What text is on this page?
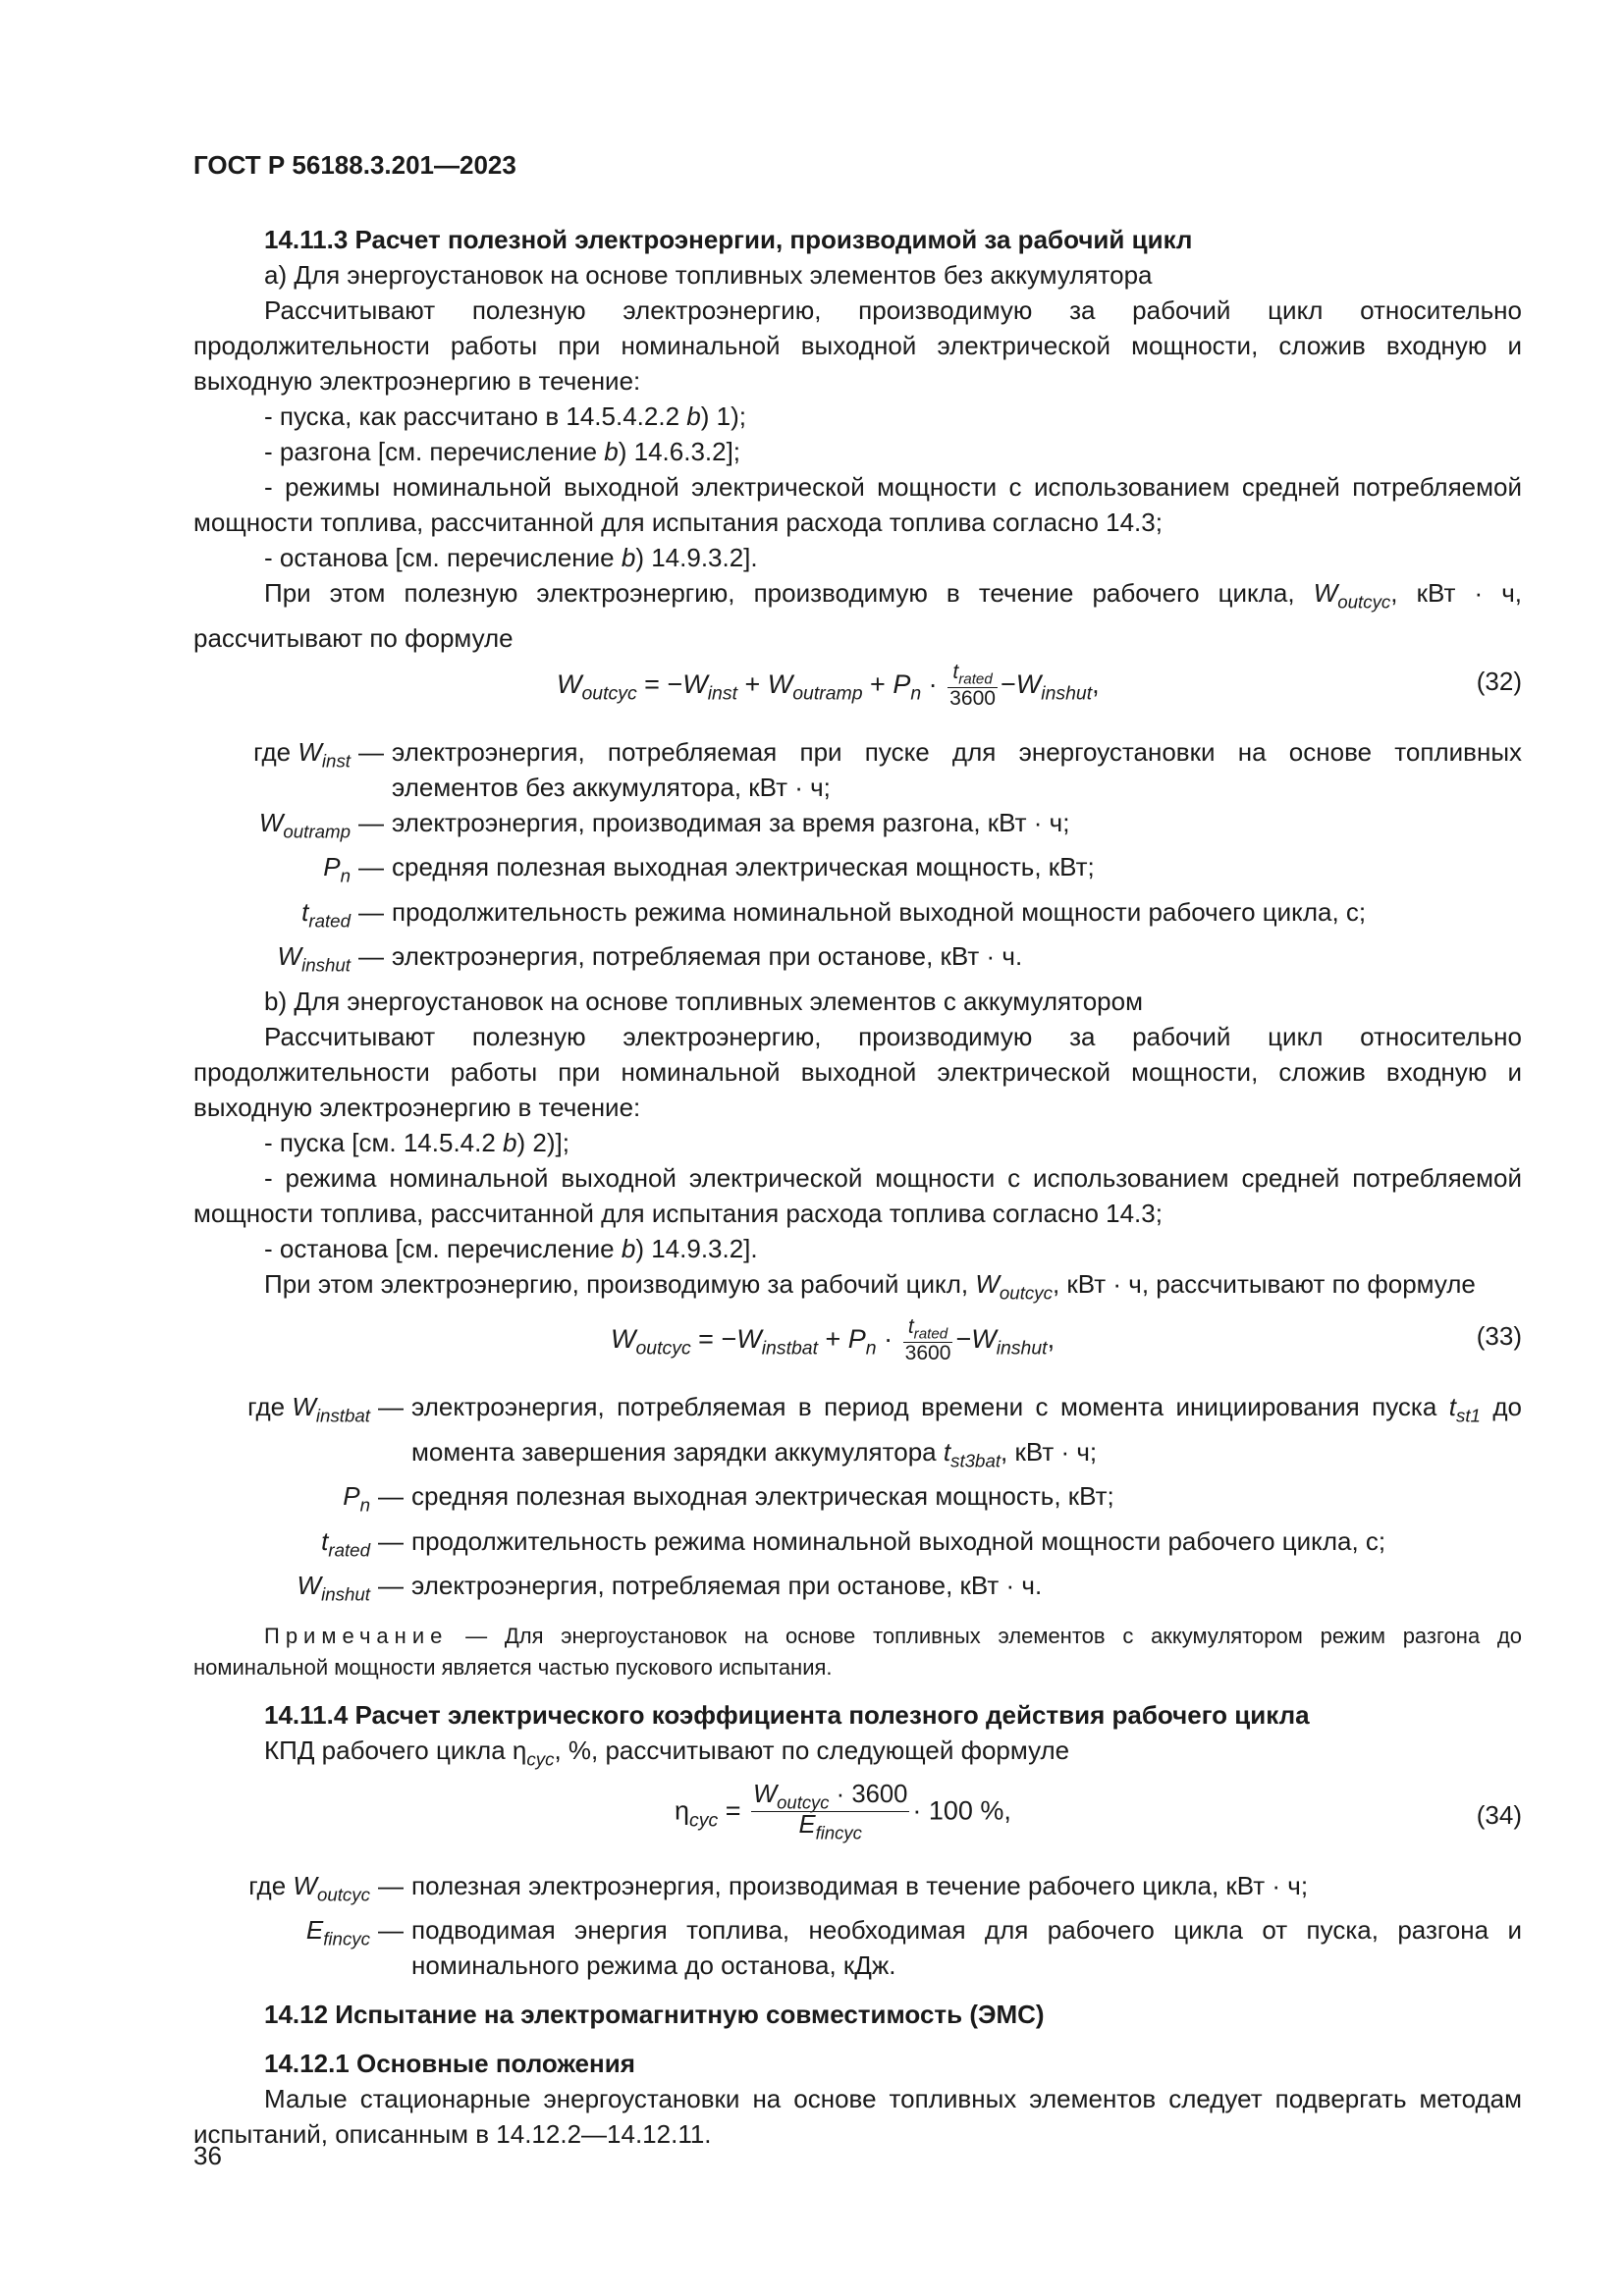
ГОСТ Р 56188.3.201—2023

14.11.3 Расчет полезной электроэнергии, производимой за рабочий цикл

a) Для энергоустановок на основе топливных элементов без аккумулятора

Рассчитывают полезную электроэнергию, производимую за рабочий цикл относительно продолжительности работы при номинальной выходной электрической мощности, сложив входную и выходную электроэнергию в течение:

- пуска, как рассчитано в 14.5.4.2.2 b) 1);

- разгона [см. перечисление b) 14.6.3.2];

- режимы номинальной выходной электрической мощности с использованием средней потребляемой мощности топлива, рассчитанной для испытания расхода топлива согласно 14.3;

- останова [см. перечисление b) 14.9.3.2].

При этом полезную электроэнергию, производимую в течение рабочего цикла, $W_{outcyc}$, кВт · ч, рассчитывают по формуле

$W_{outcyc} = -W_{inst} + W_{outramp} + P_n \cdot \frac{t_{rated}}{3600} -W_{inshut}$,	(32)
где $W_{inst}$ — электроэнергия, потребляемая при пуске для энергоустановки на основе топливных элементов без аккумулятора, кВт · ч;
$W_{outramp}$ — электроэнергия, производимая за время разгона, кВт · ч;
$P_n$ — средняя полезная выходная электрическая мощность, кВт;
$t_{rated}$ — продолжительность режима номинальной выходной мощности рабочего цикла, с;
$W_{inshut}$ — электроэнергия, потребляемая при останове, кВт · ч.

b) Для энергоустановок на основе топливных элементов с аккумулятором

Рассчитывают полезную электроэнергию, производимую за рабочий цикл относительно продолжительности работы при номинальной выходной электрической мощности, сложив входную и выходную электроэнергию в течение:

- пуска [см. 14.5.4.2 b) 2)];

- режима номинальной выходной электрической мощности с использованием средней потребляемой мощности топлива, рассчитанной для испытания расхода топлива согласно 14.3;

- останова [см. перечисление b) 14.9.3.2].

При этом электроэнергию, производимую за рабочий цикл, $W_{outcyc}$, кВт · ч, рассчитывают по формуле

$W_{outcyc} = -W_{instbat} + P_n \cdot \frac{t_{rated}}{3600} -W_{inshut}$,	(33)
где $W_{instbat}$ — электроэнергия, потребляемая в период времени с момента инициирования пуска $t_{st1}$ до момента завершения зарядки аккумулятора $t_{st3bat}$, кВт · ч;
$P_n$ — средняя полезная выходная электрическая мощность, кВт;
$t_{rated}$ — продолжительность режима номинальной выходной мощности рабочего цикла, с;
$W_{inshut}$ — электроэнергия, потребляемая при останове, кВт · ч.

Примечание — Для энергоустановок на основе топливных элементов с аккумулятором режим разгона до номинальной мощности является частью пускового испытания.

14.11.4 Расчет электрического коэффициента полезного действия рабочего цикла

КПД рабочего цикла $\eta_{cyc}$, %, рассчитывают по следующей формуле

$\eta_{cyc} = \frac{W_{outcyc} \cdot 3600}{E_{fincyc}} \cdot 100$ %,	(34)
где $W_{outcyc}$ — полезная электроэнергия, производимая в течение рабочего цикла, кВт · ч;
$E_{fincyc}$ — подводимая энергия топлива, необходимая для рабочего цикла от пуска, разгона и номинального режима до останова, кДж.

14.12 Испытание на электромагнитную совместимость (ЭМС)

14.12.1 Основные положения

Малые стационарные энергоустановки на основе топливных элементов следует подвергать методам испытаний, описанным в 14.12.2—14.12.11.

36
